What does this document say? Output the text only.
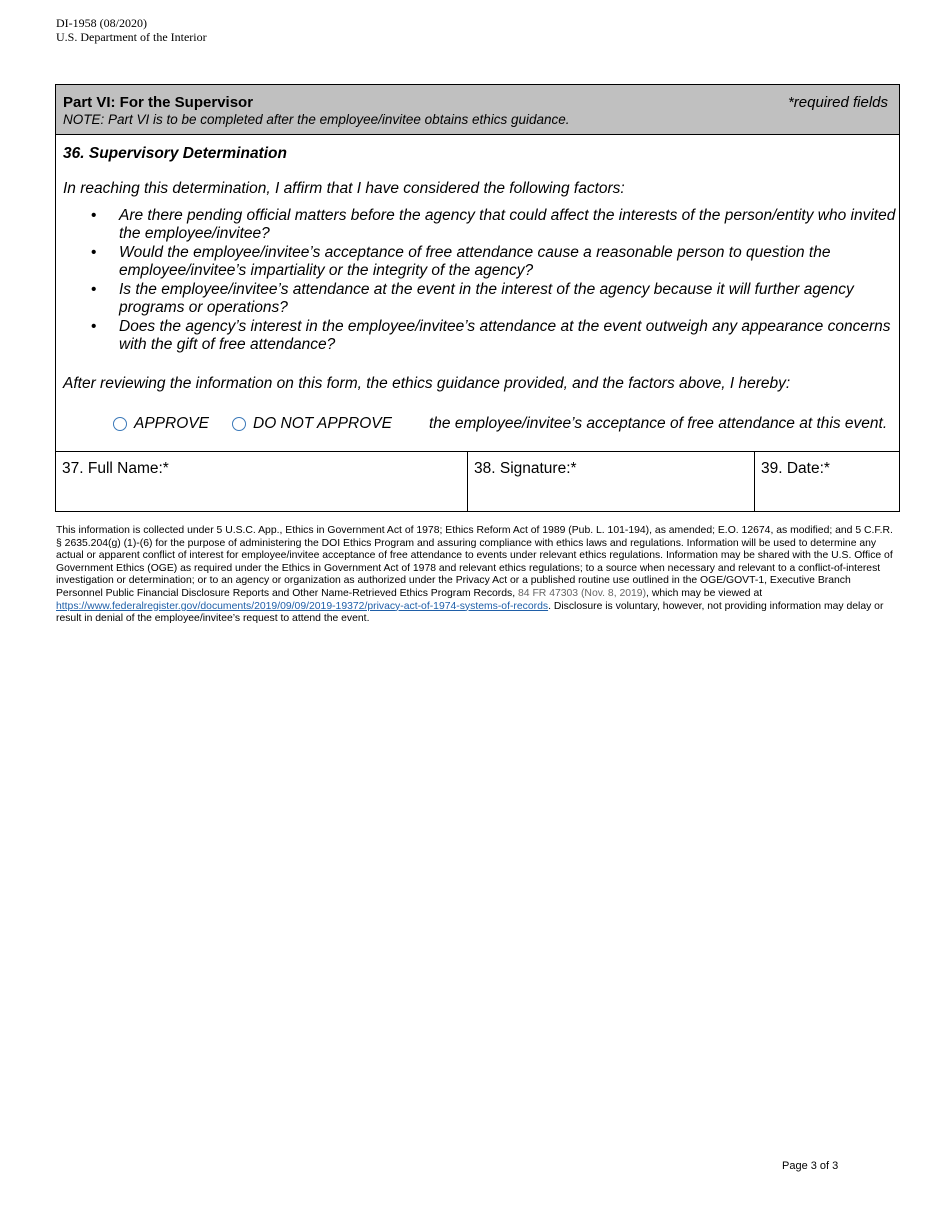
DI-1958 (08/2020)
U.S. Department of the Interior
Part VI: For the Supervisor	*required fields
NOTE: Part VI is to be completed after the employee/invitee obtains ethics guidance.
36. Supervisory Determination
In reaching this determination, I affirm that I have considered the following factors:
• Are there pending official matters before the agency that could affect the interests of the person/entity who invited the employee/invitee?
• Would the employee/invitee’s acceptance of free attendance cause a reasonable person to question the employee/invitee’s impartiality or the integrity of the agency?
• Is the employee/invitee’s attendance at the event in the interest of the agency because it will further agency programs or operations?
• Does the agency’s interest in the employee/invitee’s attendance at the event outweigh any appearance concerns with the gift of free attendance?
After reviewing the information on this form, the ethics guidance provided, and the factors above, I hereby:
APPROVE	DO NOT APPROVE the employee/invitee’s acceptance of free attendance at this event.
37. Full Name:*	38. Signature:*	39. Date:*
This information is collected under 5 U.S.C. App., Ethics in Government Act of 1978; Ethics Reform Act of 1989 (Pub. L. 101-194), as amended; E.O. 12674, as modified; and 5 C.F.R. § 2635.204(g) (1)-(6) for the purpose of administering the DOI Ethics Program and assuring compliance with ethics laws and regulations. Information will be used to determine any actual or apparent conflict of interest for employee/invitee acceptance of free attendance to events under relevant ethics regulations. Information may be shared with the U.S. Office of Government Ethics (OGE) as required under the Ethics in Government Act of 1978 and relevant ethics regulations; to a source when necessary and relevant to a conflict-of-interest investigation or determination; or to an agency or organization as authorized under the Privacy Act or a published routine use outlined in the OGE/GOVT-1, Executive Branch Personnel Public Financial Disclosure Reports and Other Name-Retrieved Ethics Program Records, 84 FR 47303 (Nov. 8, 2019), which may be viewed at https://www.federalregister.gov/documents/2019/09/09/2019-19372/privacy-act-of-1974-systems-of-records. Disclosure is voluntary, however, not providing information may delay or result in denial of the employee/invitee’s request to attend the event.
Page 3 of 3
